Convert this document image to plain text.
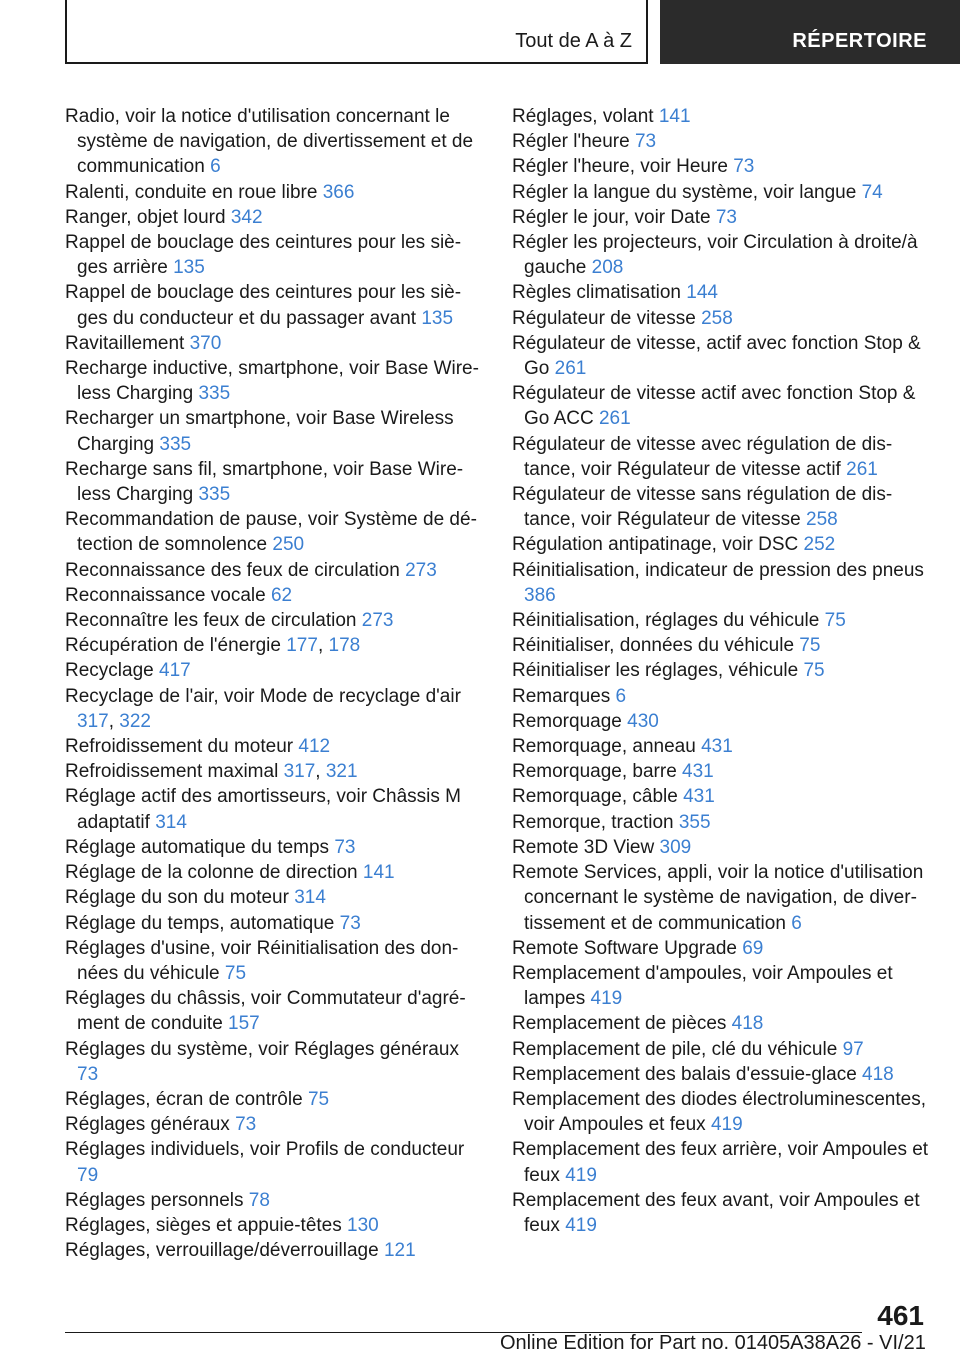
Tout de A à Z	RÉPERTOIRE
Radio, voir la notice d'utilisation concernant le système de navigation, de divertissement et de communication 6
Ralenti, conduite en roue libre 366
Ranger, objet lourd 342
Rappel de bouclage des ceintures pour les sièges arrière 135
Rappel de bouclage des ceintures pour les sièges du conducteur et du passager avant 135
Ravitaillement 370
Recharge inductive, smartphone, voir Base Wireless Charging 335
Recharger un smartphone, voir Base Wireless Charging 335
Recharge sans fil, smartphone, voir Base Wireless Charging 335
Recommandation de pause, voir Système de détection de somnolence 250
Reconnaissance des feux de circulation 273
Reconnaissance vocale 62
Reconnaître les feux de circulation 273
Récupération de l'énergie 177, 178
Recyclage 417
Recyclage de l'air, voir Mode de recyclage d'air 317, 322
Refroidissement du moteur 412
Refroidissement maximal 317, 321
Réglage actif des amortisseurs, voir Châssis M adaptatif 314
Réglage automatique du temps 73
Réglage de la colonne de direction 141
Réglage du son du moteur 314
Réglage du temps, automatique 73
Réglages d'usine, voir Réinitialisation des données du véhicule 75
Réglages du châssis, voir Commutateur d'agrément de conduite 157
Réglages du système, voir Réglages généraux 73
Réglages, écran de contrôle 75
Réglages généraux 73
Réglages individuels, voir Profils de conducteur 79
Réglages personnels 78
Réglages, sièges et appuie-têtes 130
Réglages, verrouillage/déverrouillage 121
Réglages, volant 141
Régler l'heure 73
Régler l'heure, voir Heure 73
Régler la langue du système, voir langue 74
Régler le jour, voir Date 73
Régler les projecteurs, voir Circulation à droite/à gauche 208
Règles climatisation 144
Régulateur de vitesse 258
Régulateur de vitesse, actif avec fonction Stop & Go 261
Régulateur de vitesse actif avec fonction Stop & Go ACC 261
Régulateur de vitesse avec régulation de distance, voir Régulateur de vitesse actif 261
Régulateur de vitesse sans régulation de distance, voir Régulateur de vitesse 258
Régulation antipatinage, voir DSC 252
Réinitialisation, indicateur de pression des pneus 386
Réinitialisation, réglages du véhicule 75
Réinitialiser, données du véhicule 75
Réinitialiser les réglages, véhicule 75
Remarques 6
Remorquage 430
Remorquage, anneau 431
Remorquage, barre 431
Remorquage, câble 431
Remorque, traction 355
Remote 3D View 309
Remote Services, appli, voir la notice d'utilisation concernant le système de navigation, de divertissement et de communication 6
Remote Software Upgrade 69
Remplacement d'ampoules, voir Ampoules et lampes 419
Remplacement de pièces 418
Remplacement de pile, clé du véhicule 97
Remplacement des balais d'essuie-glace 418
Remplacement des diodes électroluminescentes, voir Ampoules et feux 419
Remplacement des feux arrière, voir Ampoules et feux 419
Remplacement des feux avant, voir Ampoules et feux 419
461
Online Edition for Part no. 01405A38A26 - VI/21
